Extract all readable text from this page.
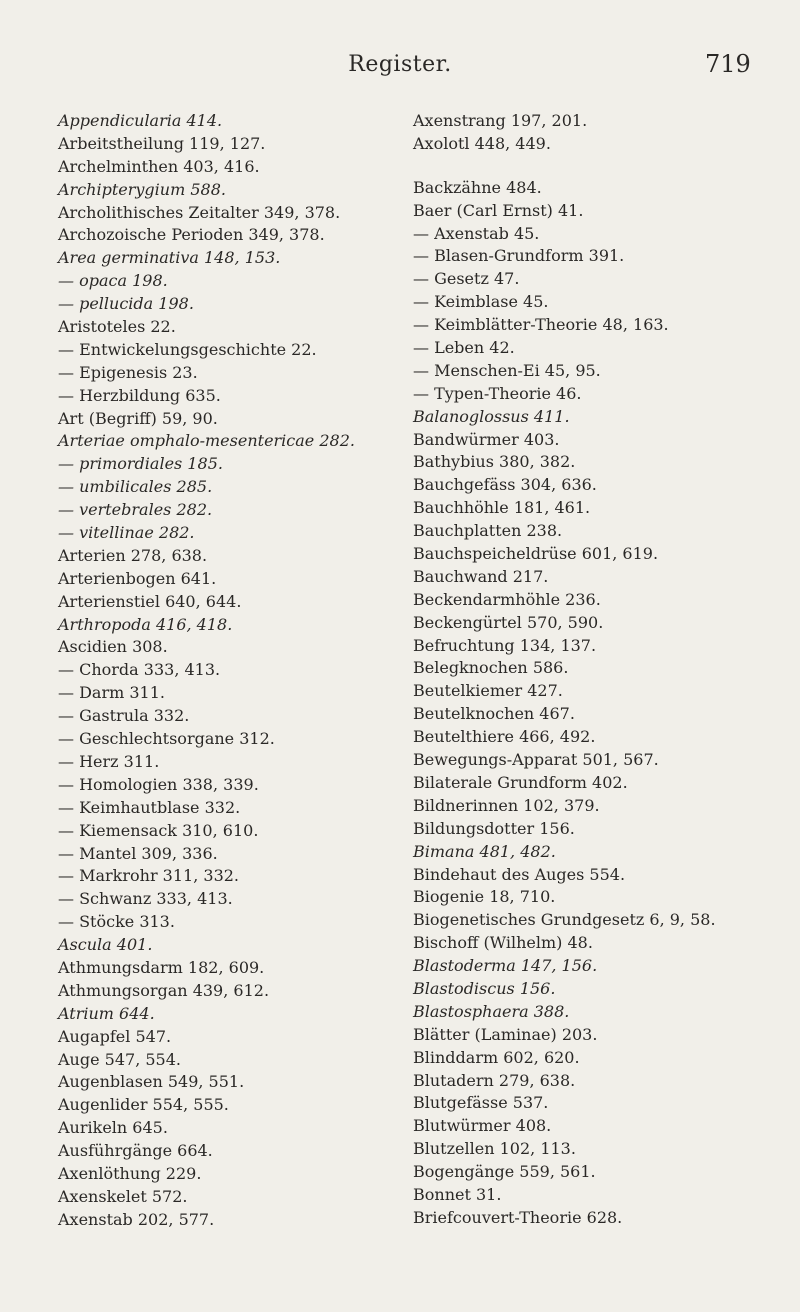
Register.	719
Appendicularia 414.
Arbeitstheilung 119, 127.
Archelminthen 403, 416.
Archipterygium 588.
Archolithisches Zeitalter 349, 378.
Archozoische Perioden 349, 378.
Area germinativa 148, 153.
— opaca 198.
— pellucida 198.
Aristoteles 22.
— Entwickelungsgeschichte 22.
— Epigenesis 23.
— Herzbildung 635.
Art (Begriff) 59, 90.
Arteriae omphalo-mesentericae 282.
— primordiales 185.
— umbilicales 285.
— vertebrales 282.
— vitellinae 282.
Arterien 278, 638.
Arterienbogen 641.
Arterienstiel 640, 644.
Arthropoda 416, 418.
Ascidien 308.
— Chorda 333, 413.
— Darm 311.
— Gastrula 332.
— Geschlechtsorgane 312.
— Herz 311.
— Homologien 338, 339.
— Keimhautblase 332.
— Kiemensack 310, 610.
— Mantel 309, 336.
— Markrohr 311, 332.
— Schwanz 333, 413.
— Stöcke 313.
Ascula 401.
Athmungsdarm 182, 609.
Athmungsorgan 439, 612.
Atrium 644.
Augapfel 547.
Auge 547, 554.
Augenblasen 549, 551.
Augenlider 554, 555.
Aurikeln 645.
Ausführgänge 664.
Axenlöthung 229.
Axenskelet 572.
Axenstab 202, 577.
Axenstrang 197, 201.
Axolotl 448, 449.
Backzähne 484.
Baer (Carl Ernst) 41.
— Axenstab 45.
— Blasen-Grundform 391.
— Gesetz 47.
— Keimblase 45.
— Keimblätter-Theorie 48, 163.
— Leben 42.
— Menschen-Ei 45, 95.
— Typen-Theorie 46.
Balanoglossus 411.
Bandwürmer 403.
Bathybius 380, 382.
Bauchgefäss 304, 636.
Bauchhöhle 181, 461.
Bauchplatten 238.
Bauchspeicheldrüse 601, 619.
Bauchwand 217.
Beckendarmhöhle 236.
Beckengürtel 570, 590.
Befruchtung 134, 137.
Belegknochen 586.
Beutelkiemer 427.
Beutelknochen 467.
Beutelthiere 466, 492.
Bewegungs-Apparat 501, 567.
Bilaterale Grundform 402.
Bildnerinnen 102, 379.
Bildungsdotter 156.
Bimana 481, 482.
Bindehaut des Auges 554.
Biogenie 18, 710.
Biogenetisches Grundgesetz 6, 9, 58.
Bischoff (Wilhelm) 48.
Blastoderma 147, 156.
Blastodiscus 156.
Blastosphaera 388.
Blätter (Laminae) 203.
Blinddarm 602, 620.
Blutadern 279, 638.
Blutgefässe 537.
Blutwürmer 408.
Blutzellen 102, 113.
Bogengänge 559, 561.
Bonnet 31.
Briefcouvert-Theorie 628.
